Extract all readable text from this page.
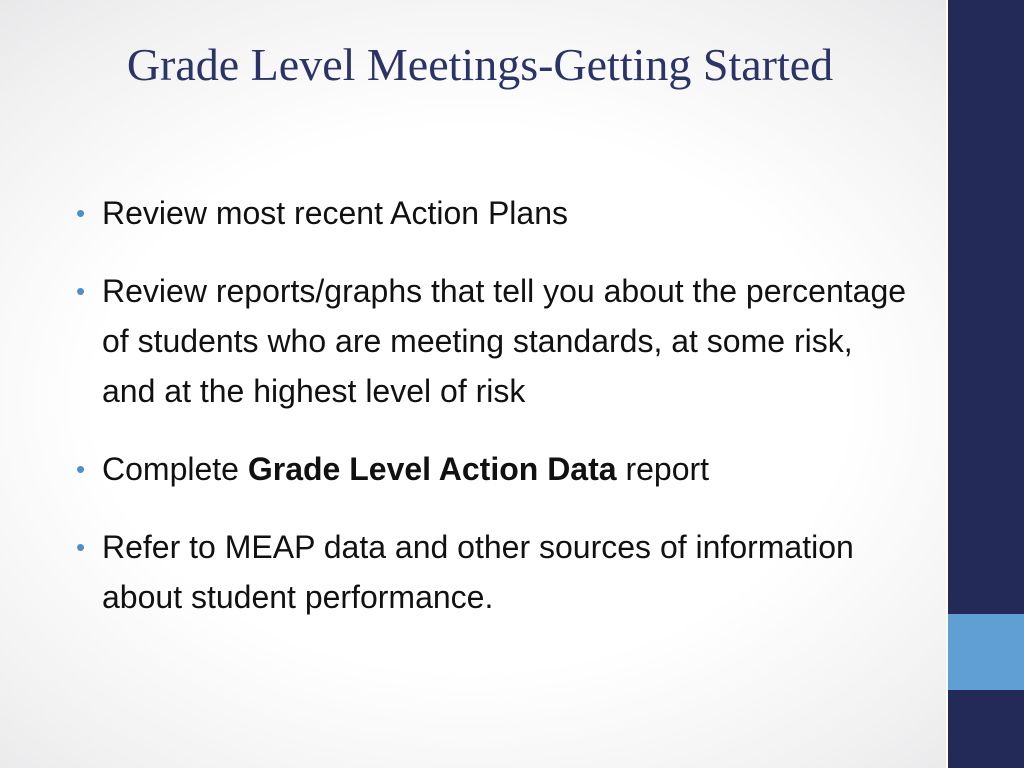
Grade Level Meetings-Getting Started
• Review most recent Action Plans
• Review reports/graphs that tell you about the percentage of students who are meeting standards, at some risk, and at the highest level of risk
• Complete Grade Level Action Data report
• Refer to MEAP data and other sources of information about student performance.
